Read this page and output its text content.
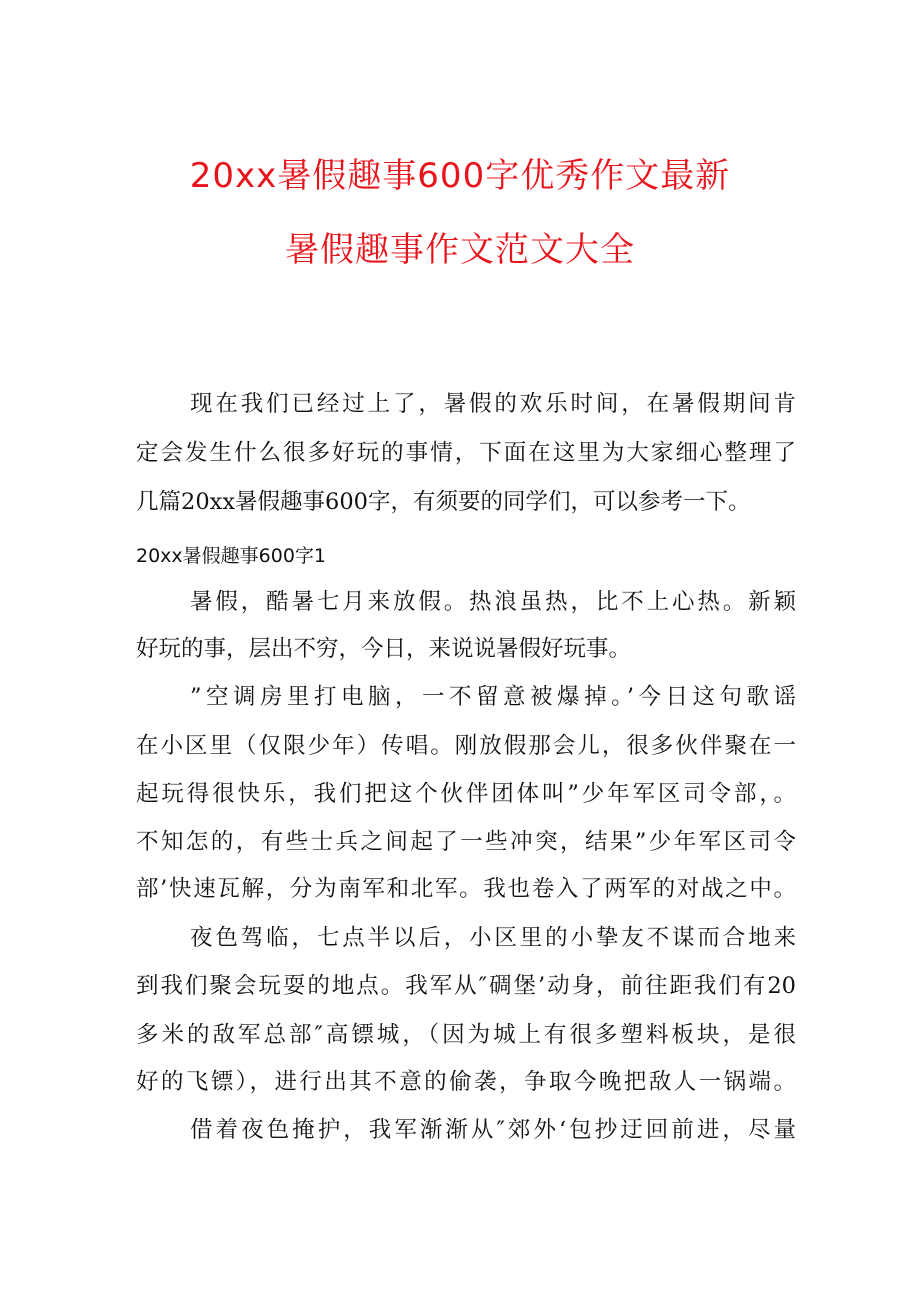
20xx暑假趣事600字优秀作文最新
暑假趣事作文范文大全
现在我们已经过上了，暑假的欢乐时间，在暑假期间肯
定会发生什么很多好玩的事情，下面在这里为大家细心整理了
几篇20xx暑假趣事600字，有须要的同学们，可以参考一下。
20xx暑假趣事600字1
暑假，酷暑七月来放假。热浪虽热，比不上心热。新颖
好玩的事，层出不穷，今日，来说说暑假好玩事。
”空调房里打电脑，一不留意被爆掉。’今日这句歌谣
在小区里（仅限少年）传唱。刚放假那会儿，很多伙伴聚在一
起玩得很快乐，我们把这个伙伴团体叫”少年军区司令部，。
不知怎的，有些士兵之间起了一些冲突，结果”少年军区司令
部’快速瓦解，分为南军和北军。我也卷入了两军的对战之中。
夜色驾临，七点半以后，小区里的小挚友不谋而合地来
到我们聚会玩耍的地点。我军从″碉堡’动身，前往距我们有20
多米的敌军总部″高镖城，（因为城上有很多塑料板块，是很
好的飞镖），进行出其不意的偷袭，争取今晚把敌人一锅端。
借着夜色掩护，我军渐渐从″郊外‘包抄迂回前进，尽量
